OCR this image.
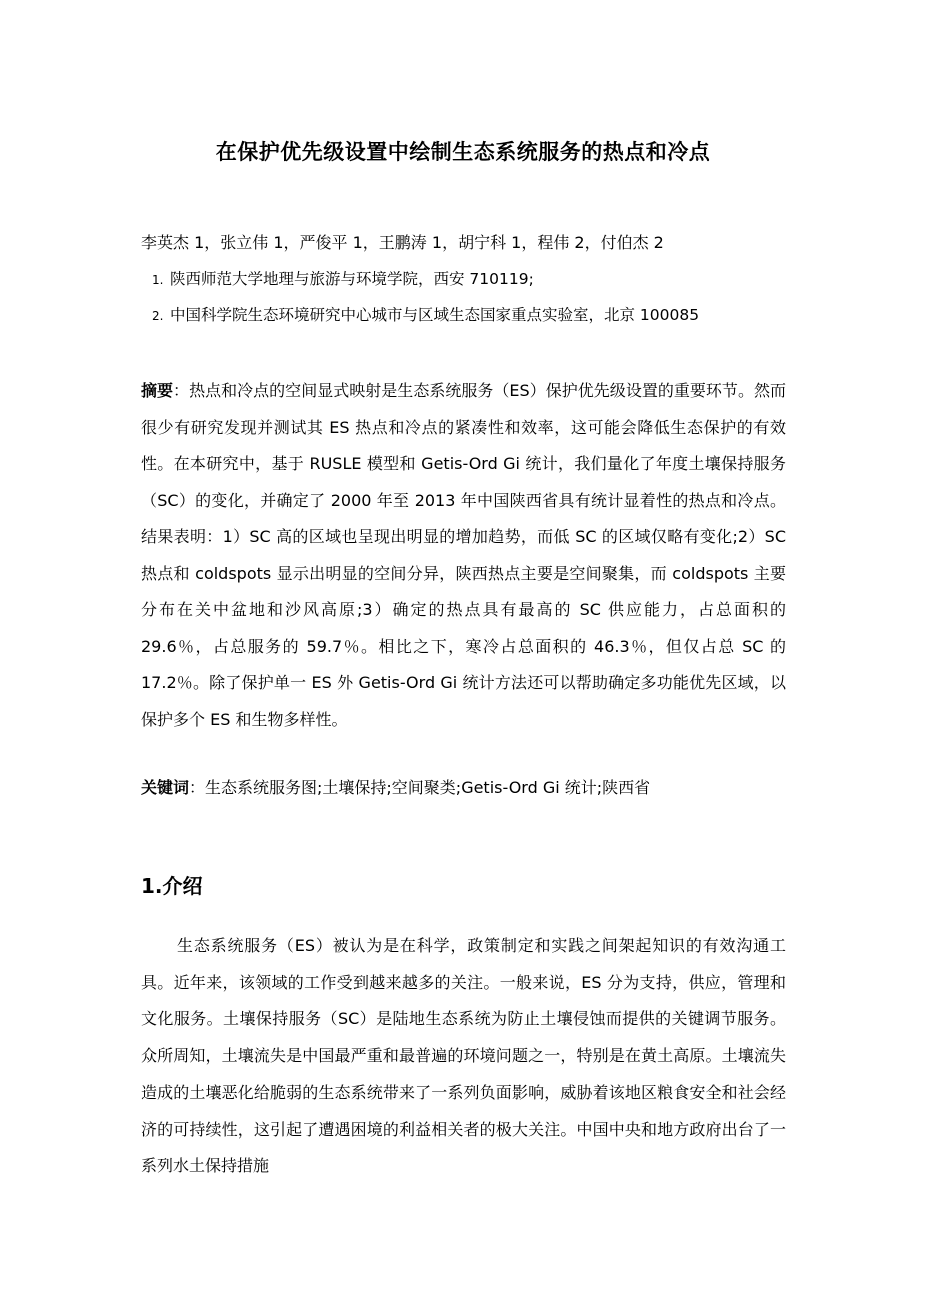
在保护优先级设置中绘制生态系统服务的热点和冷点
李英杰 1，张立伟 1，严俊平 1，王鹏涛 1，胡宁科 1，程伟 2，付伯杰 2
1. 陕西师范大学地理与旅游与环境学院，西安 710119;
2. 中国科学院生态环境研究中心城市与区域生态国家重点实验室，北京 100085
摘要：热点和冷点的空间显式映射是生态系统服务（ES）保护优先级设置的重要环节。然而很少有研究发现并测试其 ES 热点和冷点的紧凑性和效率，这可能会降低生态保护的有效性。在本研究中，基于 RUSLE 模型和 Getis-Ord Gi 统计，我们量化了年度土壤保持服务（SC）的变化，并确定了 2000 年至 2013 年中国陕西省具有统计显着性的热点和冷点。结果表明：1）SC 高的区域也呈现出明显的增加趋势，而低 SC 的区域仅略有变化;2）SC 热点和 coldspots 显示出明显的空间分异，陕西热点主要是空间聚集，而 coldspots 主要分布在关中盆地和沙风高原;3）确定的热点具有最高的 SC 供应能力，占总面积的 29.6％，占总服务的 59.7％。相比之下，寒冷占总面积的 46.3％，但仅占总 SC 的 17.2％。除了保护单一 ES 外 Getis-Ord Gi 统计方法还可以帮助确定多功能优先区域，以保护多个 ES 和生物多样性。
关键词：生态系统服务图;土壤保持;空间聚类;Getis-Ord Gi 统计;陕西省
1.介绍
生态系统服务（ES）被认为是在科学，政策制定和实践之间架起知识的有效沟通工具。近年来，该领域的工作受到越来越多的关注。一般来说，ES 分为支持，供应，管理和文化服务。土壤保持服务（SC）是陆地生态系统为防止土壤侵蚀而提供的关键调节服务。众所周知，土壤流失是中国最严重和最普遍的环境问题之一，特别是在黄土高原。土壤流失造成的土壤恶化给脆弱的生态系统带来了一系列负面影响，威胁着该地区粮食安全和社会经济的可持续性，这引起了遭遇困境的利益相关者的极大关注。中国中央和地方政府出台了一系列水土保持措施
